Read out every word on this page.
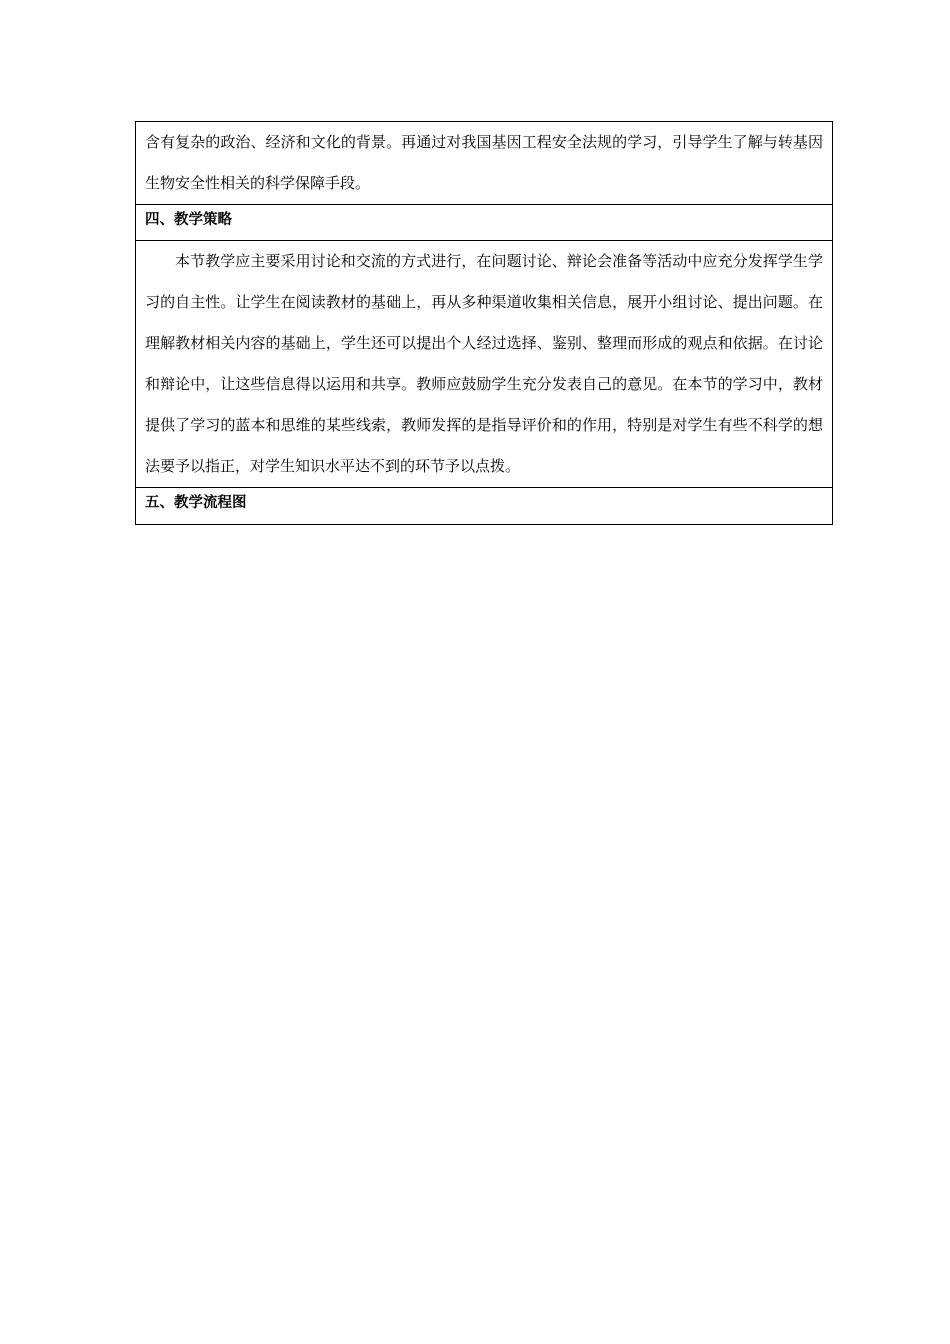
含有复杂的政治、经济和文化的背景。再通过对我国基因工程安全法规的学习，引导学生了解与转基因生物安全性相关的科学保障手段。

四、教学策略

本节教学应主要采用讨论和交流的方式进行，在问题讨论、辩论会准备等活动中应充分发挥学生学习的自主性。让学生在阅读教材的基础上，再从多种渠道收集相关信息，展开小组讨论、提出问题。在理解教材相关内容的基础上，学生还可以提出个人经过选择、鉴别、整理而形成的观点和依据。在讨论和辩论中，让这些信息得以运用和共享。教师应鼓励学生充分发表自己的意见。在本节的学习中，教材提供了学习的蓝本和思维的某些线索，教师发挥的是指导评价和的作用，特别是对学生有些不科学的想法要予以指正，对学生知识水平达不到的环节予以点拨。

五、教学流程图
